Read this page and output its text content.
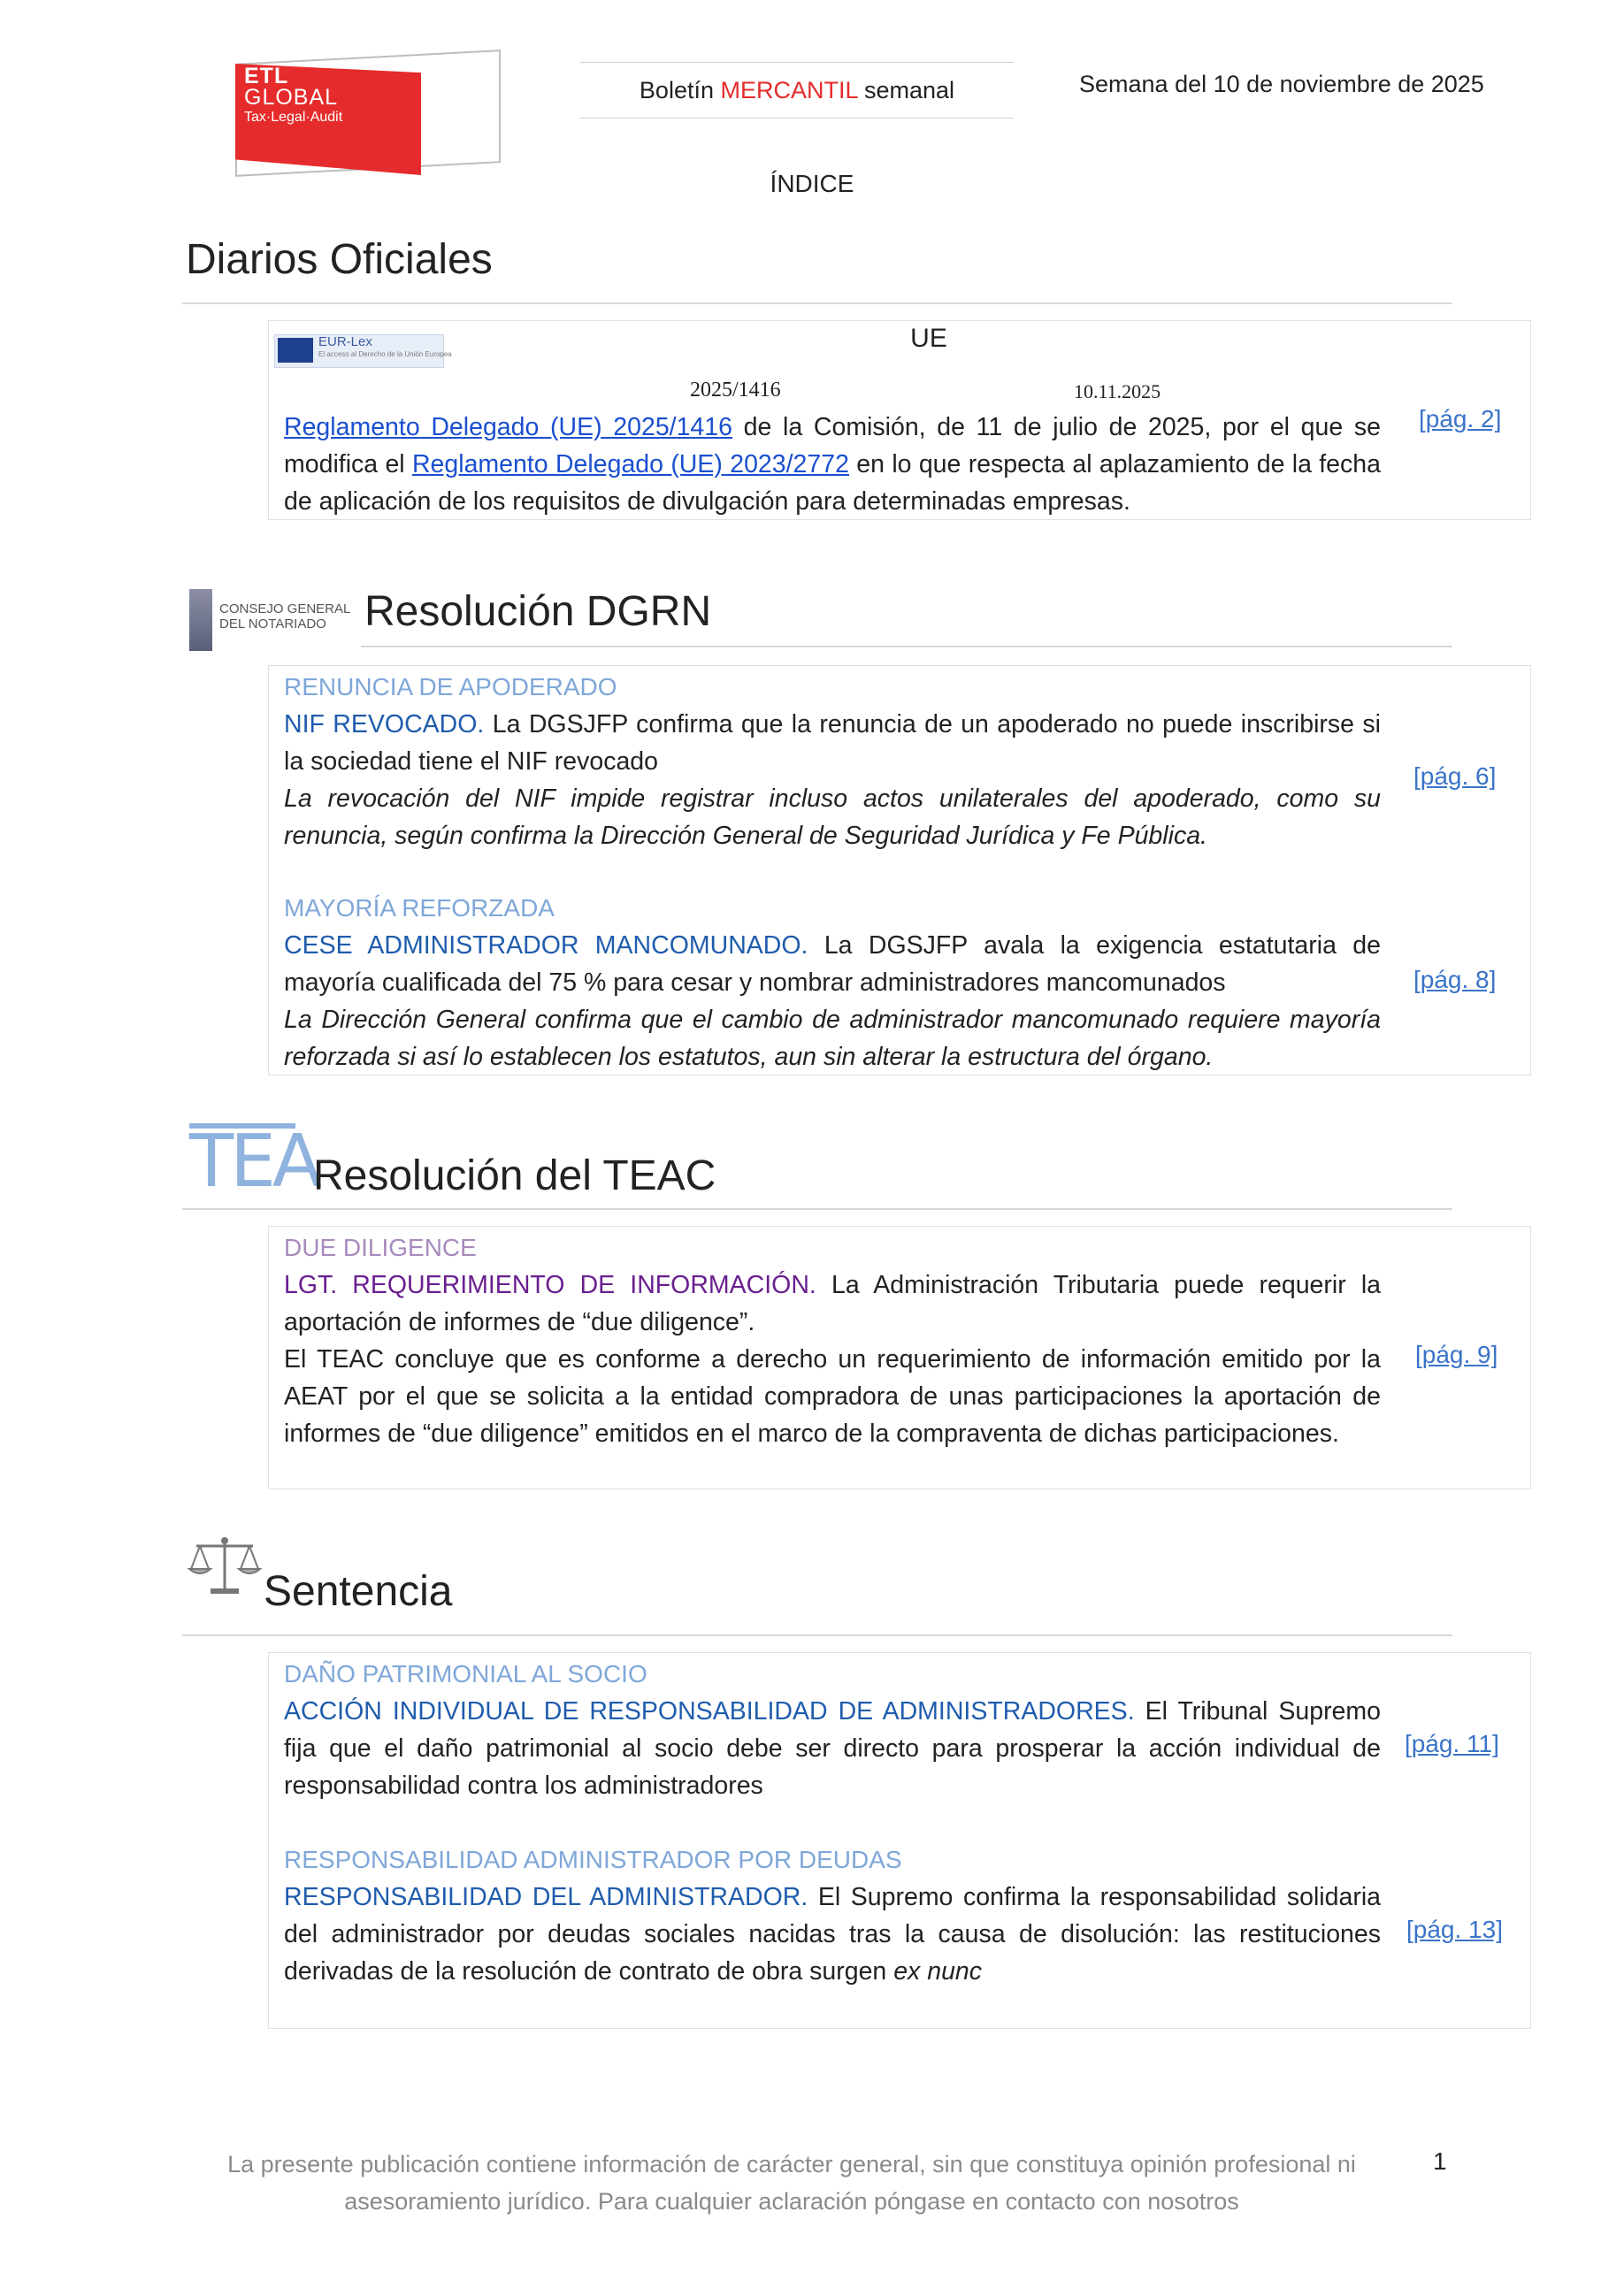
ETL
GLOBAL
Tax·Legal·Audit
Boletín MERCANTIL semanal	Semana del 10 de noviembre de 2025
ÍNDICE
Diarios Oficiales
EUR-Lex
El acceso al Derecho de la Unión Europea
UE
2025/1416	10.11.2025
Reglamento Delegado (UE) 2025/1416 de la Comisión, de 11 de julio de 2025, por el que se modifica el Reglamento Delegado (UE) 2023/2772 en lo que respecta al aplazamiento de la fecha de aplicación de los requisitos de divulgación para determinadas empresas.
[pág. 2]
CONSEJO GENERAL
DEL NOTARIADO Resolución DGRN
RENUNCIA DE APODERADO
NIF REVOCADO. La DGSJFP confirma que la renuncia de un apoderado no puede inscribirse si la sociedad tiene el NIF revocado
La revocación del NIF impide registrar incluso actos unilaterales del apoderado, como su renuncia, según confirma la Dirección General de Seguridad Jurídica y Fe Pública.
[pág. 6]
MAYORÍA REFORZADA
CESE ADMINISTRADOR MANCOMUNADO. La DGSJFP avala la exigencia estatutaria de mayoría cualificada del 75 % para cesar y nombrar administradores mancomunados
La Dirección General confirma que el cambio de administrador mancomunado requiere mayoría reforzada si así lo establecen los estatutos, aun sin alterar la estructura del órgano.
[pág. 8]
TEA
Resolución del TEAC
DUE DILIGENCE
LGT. REQUERIMIENTO DE INFORMACIÓN. La Administración Tributaria puede requerir la aportación de informes de “due diligence”.
El TEAC concluye que es conforme a derecho un requerimiento de información emitido por la AEAT por el que se solicita a la entidad compradora de unas participaciones la aportación de informes de “due diligence” emitidos en el marco de la compraventa de dichas participaciones.
[pág. 9]
Sentencia
DAÑO PATRIMONIAL AL SOCIO
ACCIÓN INDIVIDUAL DE RESPONSABILIDAD DE ADMINISTRADORES. El Tribunal Supremo fija que el daño patrimonial al socio debe ser directo para prosperar la acción individual de responsabilidad contra los administradores
[pág. 11]
RESPONSABILIDAD ADMINISTRADOR POR DEUDAS
RESPONSABILIDAD DEL ADMINISTRADOR. El Supremo confirma la responsabilidad solidaria del administrador por deudas sociales nacidas tras la causa de disolución: las restituciones derivadas de la resolución de contrato de obra surgen ex nunc
[pág. 13]
La presente publicación contiene información de carácter general, sin que constituya opinión profesional ni asesoramiento jurídico. Para cualquier aclaración póngase en contacto con nosotros
1
